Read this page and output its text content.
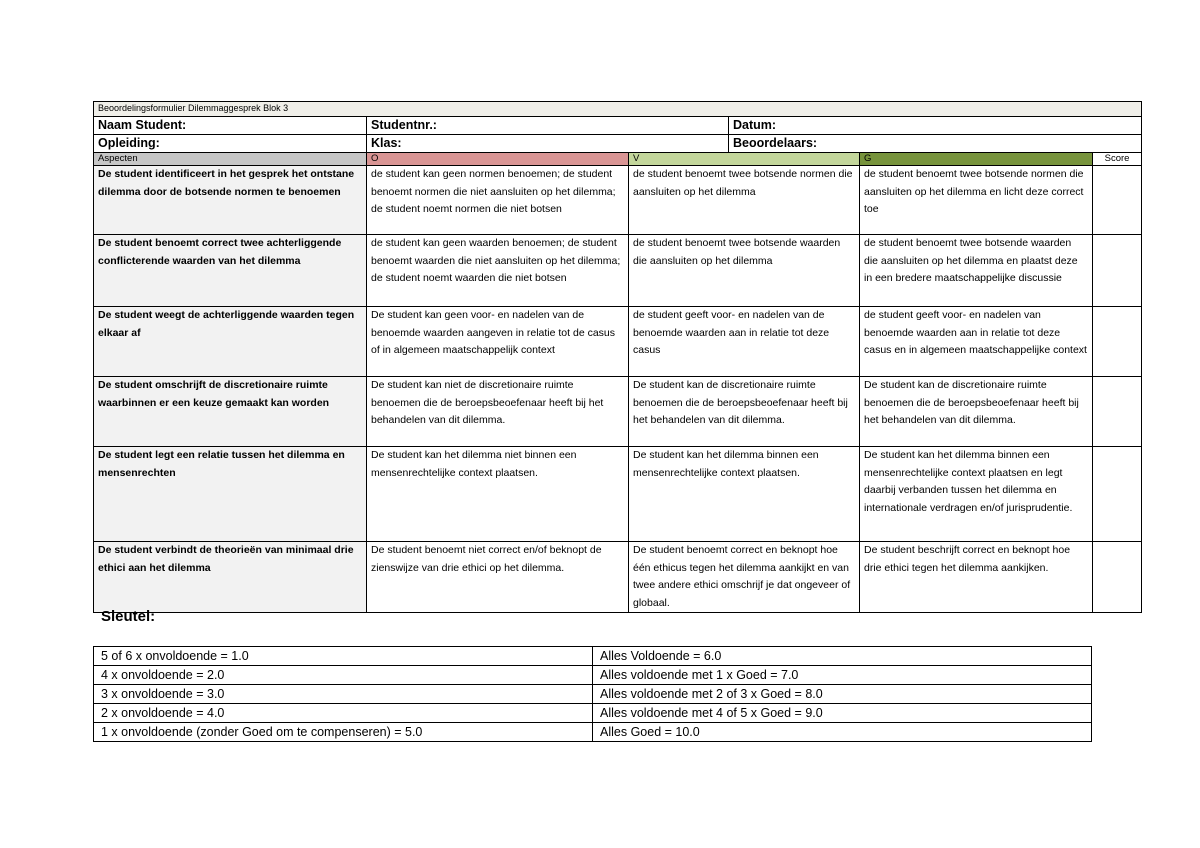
Beoordelingsformulier Dilemmaggesprek Blok 3					
Naam Student:	Studentnr.:		Datum:		
Opleiding:	Klas:		Beoordelaars:		
Aspecten	O	V		G	Score
De student identificeert in het gesprek het ontstane dilemma door de botsende normen te benoemen	de student kan geen normen benoemen; de student benoemt normen die niet aansluiten op het dilemma; de student noemt normen die niet botsen	de student benoemt twee botsende normen die aansluiten op het dilemma		de student benoemt twee botsende normen die aansluiten op het dilemma en licht deze correct toe	
De student benoemt correct twee achterliggende conflicterende waarden van het dilemma	de student kan geen waarden benoemen; de student benoemt waarden die niet aansluiten op het dilemma; de student noemt waarden die niet botsen	de student benoemt twee botsende waarden die aansluiten op het dilemma		de student benoemt twee botsende waarden die aansluiten op het dilemma en plaatst deze in een bredere maatschappelijke discussie	
De student weegt de achterliggende waarden tegen elkaar af	De student kan geen voor- en nadelen van de benoemde waarden aangeven in relatie tot de casus of in algemeen maatschappelijk context	de student geeft voor- en nadelen van de benoemde waarden aan in relatie tot deze casus		de student geeft voor- en nadelen van benoemde waarden aan in relatie tot deze casus en in algemeen maatschappelijke context	
De student omschrijft de discretionaire ruimte waarbinnen er een keuze gemaakt kan worden	De student kan niet de discretionaire ruimte benoemen die de beroepsbeoefenaar heeft bij het behandelen van dit dilemma.	De student kan de discretionaire ruimte benoemen die de beroepsbeoefenaar heeft bij het behandelen van dit dilemma.		De student kan de discretionaire ruimte benoemen die de beroepsbeoefenaar heeft bij het behandelen van dit dilemma.	
De student legt een relatie tussen het dilemma en mensenrechten	De student kan het dilemma niet binnen een mensenrechtelijke context plaatsen.	De student kan het dilemma binnen een mensenrechtelijke context plaatsen.		De student kan het dilemma binnen een mensenrechtelijke context plaatsen en legt daarbij verbanden tussen het dilemma en internationale verdragen en/of jurisprudentie.	
De student verbindt de theorieën van minimaal drie ethici aan het dilemma	De student benoemt niet correct en/of beknopt de zienswijze van drie ethici op het dilemma.	De student benoemt correct en beknopt hoe één ethicus tegen het dilemma aankijkt en van twee andere ethici omschrijf je dat ongeveer of globaal.		De student beschrijft correct en beknopt hoe drie ethici tegen het dilemma aankijken.	
Sleutel:
5 of 6 x onvoldoende = 1.0	Alles Voldoende = 6.0
4 x onvoldoende = 2.0	Alles voldoende met 1 x Goed = 7.0
3 x onvoldoende = 3.0	Alles voldoende met 2 of 3 x Goed = 8.0
2 x onvoldoende = 4.0	Alles voldoende met 4 of 5 x Goed = 9.0
1 x onvoldoende (zonder Goed om te compenseren) = 5.0	Alles Goed = 10.0
